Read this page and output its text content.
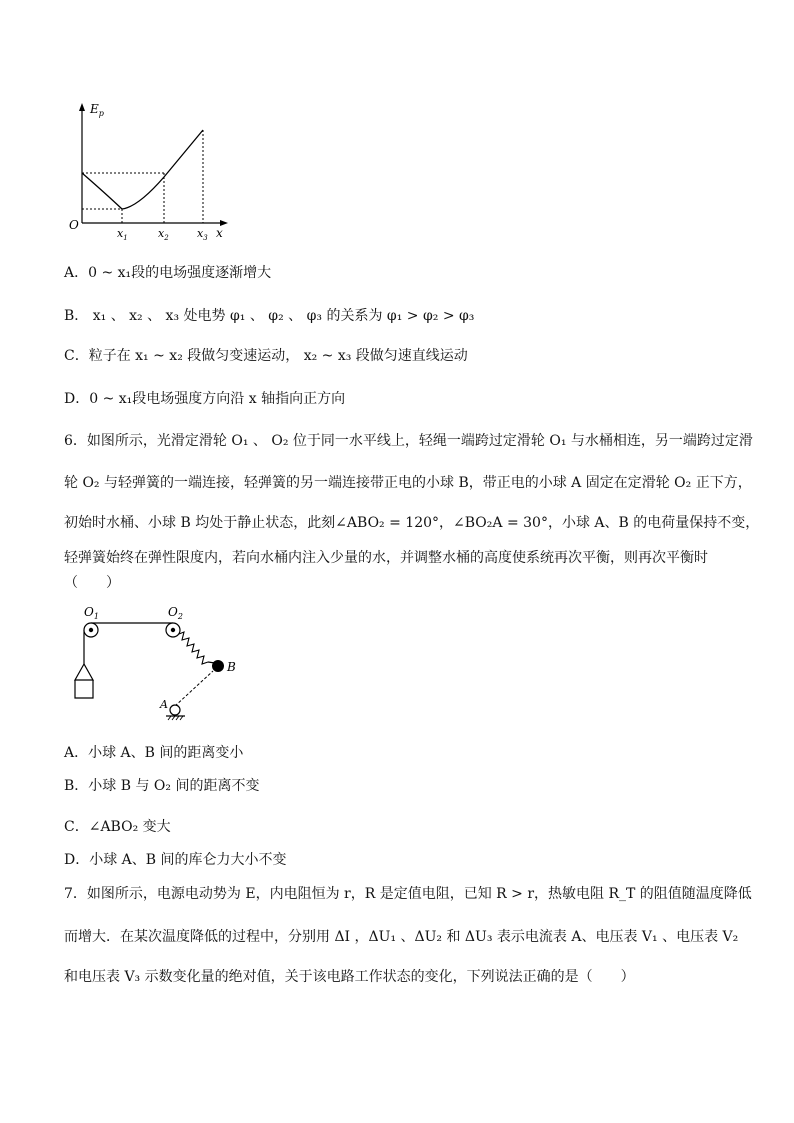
$E_p$
O
x
$x_1$	$x_2$	$x_3$
A．0 ~ x₁段的电场强度逐渐增大
B． x₁ 、 x₂ 、 x₃ 处电势 φ₁ 、 φ₂ 、 φ₃ 的关系为 φ₁ > φ₂ > φ₃
C．粒子在 x₁ ~ x₂ 段做匀变速运动， x₂ ~ x₃ 段做匀速直线运动
D．0 ~ x₁段电场强度方向沿 x 轴指向正方向
6．如图所示，光滑定滑轮 O₁ 、 O₂ 位于同一水平线上，轻绳一端跨过定滑轮 O₁ 与水桶相连，另一端跨过定滑
轮 O₂ 与轻弹簧的一端连接，轻弹簧的另一端连接带正电的小球 B，带正电的小球 A 固定在定滑轮 O₂ 正下方，
初始时水桶、小球 B 均处于静止状态，此刻∠ABO₂ = 120°，∠BO₂A = 30°，小球 A、B 的电荷量保持不变，
轻弹簧始终在弹性限度内，若向水桶内注入少量的水，并调整水桶的高度使系统再次平衡，则再次平衡时
（　　）
$O_1$	$O_2$
B
A
A．小球 A、B 间的距离变小
B．小球 B 与 O₂ 间的距离不变
C．∠ABO₂ 变大
D．小球 A、B 间的库仑力大小不变
7．如图所示，电源电动势为 E，内电阻恒为 r，R 是定值电阻，已知 R > r，热敏电阻 R_T 的阻值随温度降低
而增大．在某次温度降低的过程中，分别用 ΔI ，ΔU₁ 、ΔU₂ 和 ΔU₃ 表示电流表 A、电压表 V₁ 、电压表 V₂
和电压表 V₃ 示数变化量的绝对值，关于该电路工作状态的变化，下列说法正确的是（　　）
